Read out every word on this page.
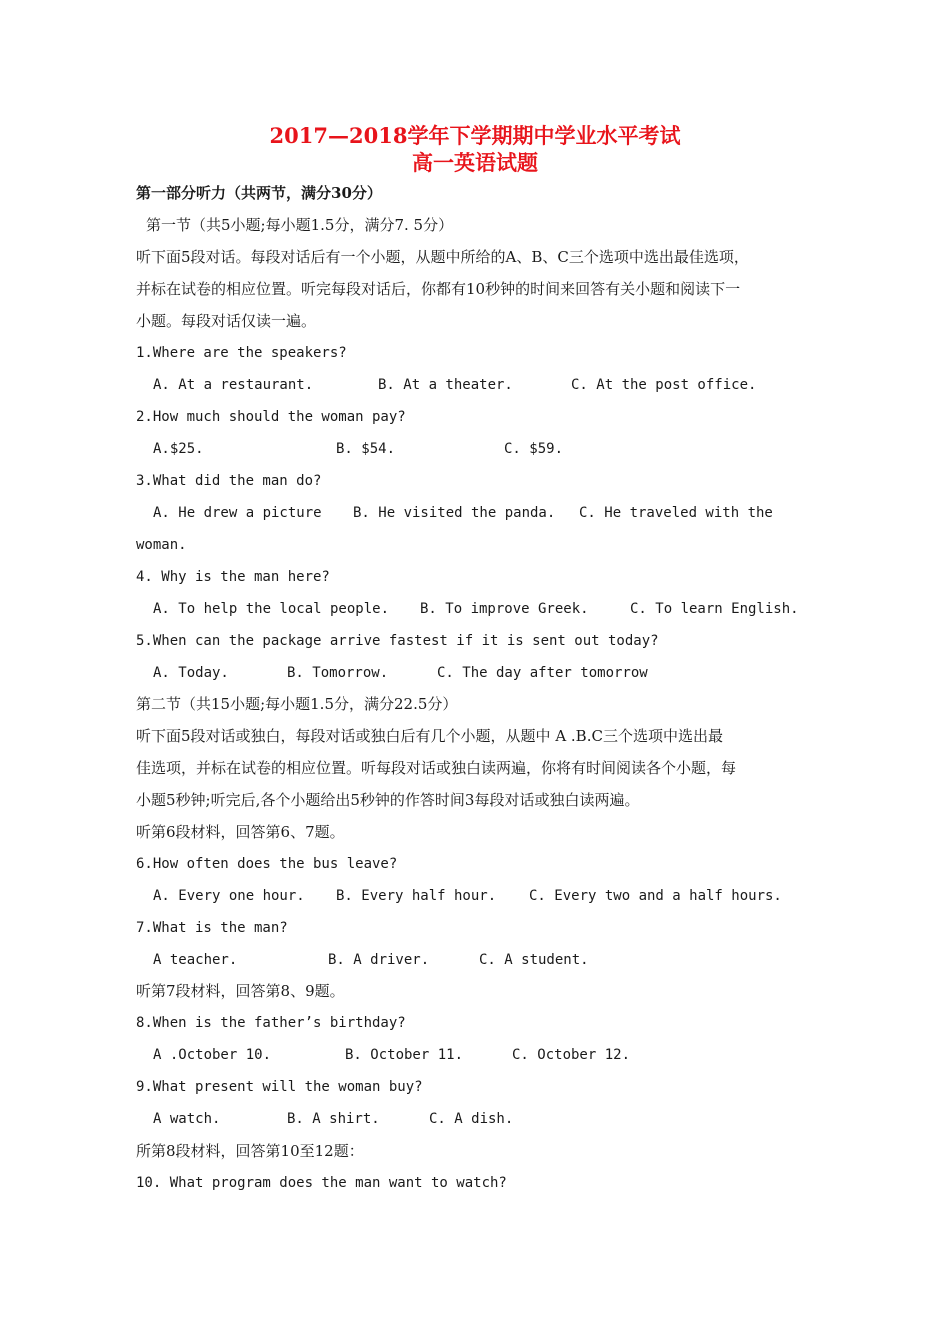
2017—2018学年下学期期中学业水平考试
高一英语试题
第一部分听力（共两节，满分30分）
第一节（共5小题;每小题1.5分，满分7. 5分）
听下面5段对话。每段对话后有一个小题，从题中所给的A、B、C三个选项中选出最佳选项，
并标在试卷的相应位置。听完每段对话后，你都有10秒钟的时间来回答有关小题和阅读下一
小题。每段对话仅读一遍。
1.Where are the speakers?
A. At a restaurant.	B. At a theater.	C. At the post office.
2.How much should the woman pay?
A.$25.	B. $54.	C. $59.
3.What did the man do?
A. He drew a picture B. He visited the panda. C. He traveled with the
woman.
4. Why is the man here?
A. To help the local people. B. To improve Greek.	C. To learn English.
5.When can the package arrive fastest if it is sent out today?
A. Today.	B. Tomorrow.	C. The day after tomorrow
第二节（共15小题;每小题1.5分，满分22.5分）
听下面5段对话或独白，每段对话或独白后有几个小题，从题中 A .B.C三个选项中选出最
佳选项，并标在试卷的相应位置。听每段对话或独白读两遍，你将有时间阅读各个小题，每
小题5秒钟;听完后,各个小题给出5秒钟的作答时间3每段对话或独白读两遍。
听第6段材料，回答第6、7题。
6.How often does the bus leave?
A. Every one hour. B. Every half hour. C. Every two and a half hours.
7.What is the man?
A teacher.	B. A driver.	C. A student.
听第7段材料，回答第8、9题。
8.When is the father’s birthday?
A .October 10.	B. October 11.	C. October 12.
9.What present will the woman buy?
A watch.	B. A shirt.	C. A dish.
所第8段材料，回答第10至12题：
10. What program does the man want to watch?
